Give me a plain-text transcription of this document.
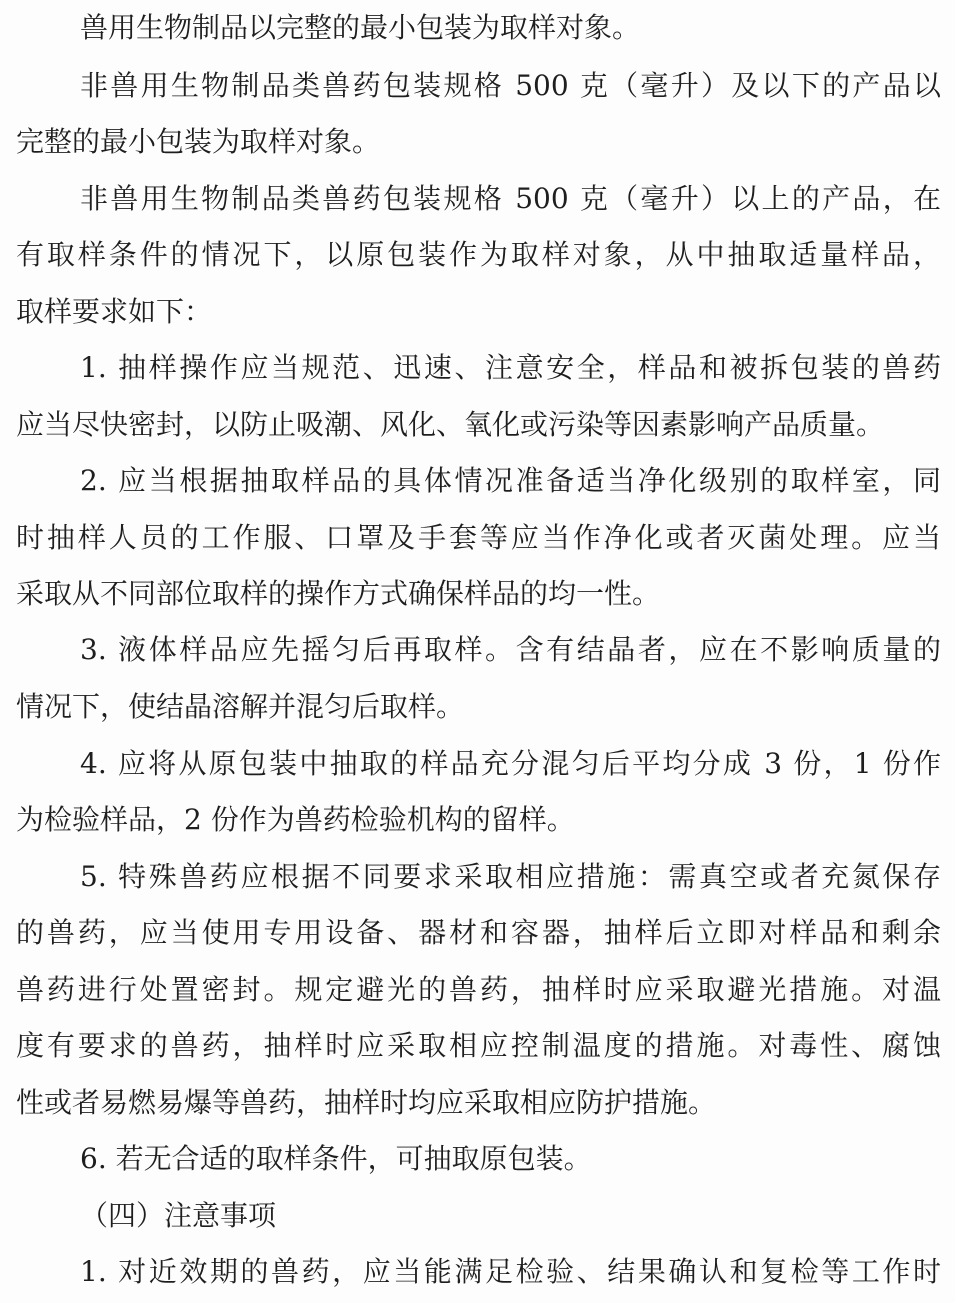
兽用生物制品以完整的最小包装为取样对象。
非兽用生物制品类兽药包装规格 500 克（毫升）及以下的产品以
完整的最小包装为取样对象。
非兽用生物制品类兽药包装规格 500 克（毫升）以上的产品，在
有取样条件的情况下，以原包装作为取样对象，从中抽取适量样品，
取样要求如下：
1. 抽样操作应当规范、迅速、注意安全，样品和被拆包装的兽药
应当尽快密封，以防止吸潮、风化、氧化或污染等因素影响产品质量。
2. 应当根据抽取样品的具体情况准备适当净化级别的取样室，同
时抽样人员的工作服、口罩及手套等应当作净化或者灭菌处理。应当
采取从不同部位取样的操作方式确保样品的均一性。
3. 液体样品应先摇匀后再取样。含有结晶者，应在不影响质量的
情况下，使结晶溶解并混匀后取样。
4. 应将从原包装中抽取的样品充分混匀后平均分成 3 份，1 份作
为检验样品，2 份作为兽药检验机构的留样。
5. 特殊兽药应根据不同要求采取相应措施：需真空或者充氮保存
的兽药，应当使用专用设备、器材和容器，抽样后立即对样品和剩余
兽药进行处置密封。规定避光的兽药，抽样时应采取避光措施。对温
度有要求的兽药，抽样时应采取相应控制温度的措施。对毒性、腐蚀
性或者易燃易爆等兽药，抽样时均应采取相应防护措施。
6. 若无合适的取样条件，可抽取原包装。
（四）注意事项
1. 对近效期的兽药，应当能满足检验、结果确认和复检等工作时
